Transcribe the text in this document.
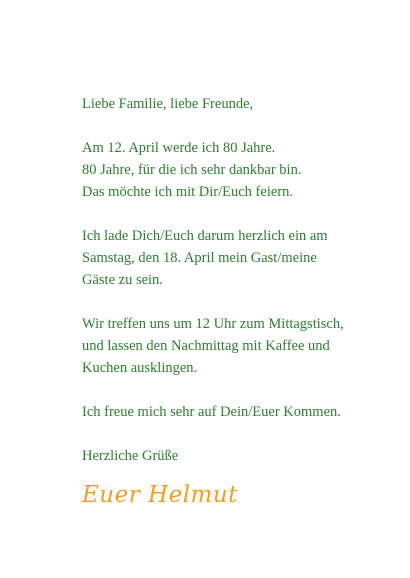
Liebe Familie, liebe Freunde,
Am 12. April werde ich 80 Jahre.
80 Jahre, für die ich sehr dankbar bin.
Das möchte ich mit Dir/Euch feiern.
Ich lade Dich/Euch darum herzlich ein am
Samstag, den 18. April mein Gast/meine
Gäste zu sein.
Wir treffen uns um 12 Uhr zum Mittagstisch,
und lassen den Nachmittag mit Kaffee und
Kuchen ausklingen.
Ich freue mich sehr auf Dein/Euer Kommen.
Herzliche Grüße
Euer Helmut
